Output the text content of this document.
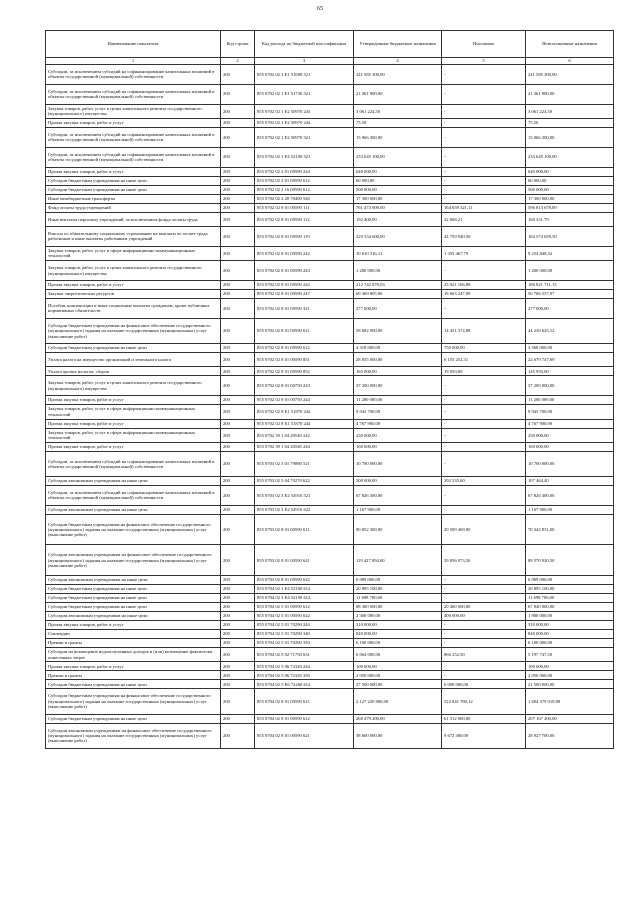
65
Наименование показателя	Код строки	Код расхода по бюджетной классификации	Утвержденные бюджетные назначения	Исполнено	Неисполненные назначения
1	2	3	4	5	6
Субсидии, за исключением субсидий на софинансирование капитальных вложений в объекты государственной (муниципальной) собственности	200	855 0702 02 1 E1 51690 521	241 585 300,00	-	241 585 300,00
Субсидии, за исключением субсидий на софинансирование капитальных вложений в объекты государственной (муниципальной) собственности	200	855 0702 02 1 E1 51730 521	21 361 900,00	-	21 361 900,00
Закупка товаров, работ, услуг в целях капитального ремонта государственного (муниципального) имущества	200	855 0702 02 1 E2 50970 243	3 061 224,50	-	3 061 224,50
Прочая закупка товаров, работ и услуг	200	855 0702 02 1 E2 50970 244	75,50	-	75,50
Субсидии, за исключением субсидий на софинансирование капитальных вложений в объекты государственной (муниципальной) собственности	200	855 0702 02 1 E2 50970 521	15 066 300,00	-	15 066 300,00
Субсидии, за исключением субсидий на софинансирование капитальных вложений в объекты государственной (муниципальной) собственности	200	855 0702 02 1 E4 52100 521	233 645 100,00	-	233 645 100,00
Прочая закупка товаров, работ и услуг	200	855 0702 02 2 01 00590 244	640 000,00	-	640 000,00
Субсидии бюджетным учреждениям на иные цели	200	855 0702 02 2 01 00590 612	60 000,00	-	60 000,00
Субсидии бюджетным учреждениям на иные цели	200	855 0702 02 2 16 00590 612	500 000,00	-	500 000,00
Иные межбюджетные трансферты	200	855 0702 02 2 20 78400 540	17 300 000,00	-	17 300 000,00
Фонд оплаты труда учреждений	200	855 0702 02 8 01 00590 111	761 473 000,00	164 659 321,11	596 813 678,89
Иные выплаты персоналу учреждений, за исключением фонда оплаты труда	200	855 0702 02 8 01 00590 112	192 400,00	32 068,21	160 331,79
Взносы по обязательному социальному страхованию на выплаты по оплате труда работников и иные выплаты работникам учреждений	200	855 0702 02 8 01 00590 119	229 334 600,00	44 759 940,50	184 574 659,50
Закупка товаров, работ, услуг в сфере информационно-коммуникационных технологий	200	855 0702 02 8 01 00590 242	10 610 316,11	1 355 467,79	9 254 848,32
Закупка товаров, работ, услуг в целях капитального ремонта государственного (муниципального) имущества	200	855 0702 02 8 01 00590 243	1 200 000,00	-	1 200 000,00
Прочая закупка товаров, работ и услуг	200	855 0702 02 8 01 00590 244	212 742 878,03	25 921 166,88	186 821 711,15
Закупка энергетических ресурсов	200	855 0702 02 8 01 00590 247	69 369 805,86	18 663 247,89	50 706 557,97
Пособия, компенсации и иные социальные выплаты гражданам, кроме публичных нормативных обязательств	200	855 0702 02 8 01 00590 321	277 000,00	-	277 000,00
Субсидии бюджетным учреждениям на финансовое обеспечение государственного (муниципального) задания на оказание государственных (муниципальных) услуг (выполнение работ)	200	855 0702 02 8 01 00590 611	58 682 000,00	14 451 374,88	44 230 625,12
Субсидии бюджетным учреждениям на иные цели	200	855 0702 02 8 01 00590 612	4 318 000,00	750 000,00	3 568 000,00
Уплата налога на имущество организаций и земельного налога	200	855 0702 02 8 01 00590 851	28 835 000,00	6 155 252,31	22 679 747,69
Уплата прочих налогов, сборов	200	855 0702 02 8 01 00590 852	165 000,00	19 050,00	145 950,00
Закупка товаров, работ, услуг в целях капитального ремонта государственного (муниципального) имущества	200	855 0702 02 8 01 00750 243	37 200 000,00	-	37 200 000,00
Прочая закупка товаров, работ и услуг	200	855 0702 02 8 01 00750 244	11 200 000,00	-	11 200 000,00
Закупка товаров, работ, услуг в сфере информационно-коммуникационных технологий	200	855 0702 02 8 E1 51870 242	9 943 700,00	-	9 943 700,00
Прочая закупка товаров, работ и услуг	200	855 0702 02 8 E1 51870 244	4 767 900,00	-	4 767 900,00
Закупка товаров, работ, услуг в сфере информационно-коммуникационных технологий	200	855 0702 39 1 04 20540 242	230 000,00	-	230 000,00
Прочая закупка товаров, работ и услуг	200	855 0702 39 1 04 20540 244	160 000,00	-	160 000,00
Субсидии, за исключением субсидий на софинансирование капитальных вложений в объекты государственной (муниципальной) собственности	200	855 0703 02 3 01 79080 521	10 700 000,00	-	10 700 000,00
Субсидии автономным учреждениям на иные цели	200	855 0703 02 3 04 70270 622	500 000,00	392 535,60	107 464,40
Субсидии, за исключением субсидий на софинансирование капитальных вложений в объекты государственной (муниципальной) собственности	200	855 0703 02 3 E2 54910 521	67 826 300,00	-	67 826 300,00
Субсидии автономным учреждениям на иные цели	200	855 0703 02 3 E2 54910 622	1 167 900,00	-	1 167 900,00
Субсидии бюджетным учреждениям на финансовое обеспечение государственного (муниципального) задания на оказание государственных (муниципальных) услуг (выполнение работ)	200	855 0703 02 8 01 00590 611	90 852 300,00	20 509 469,00	70 342 831,00
Субсидии автономным учреждениям на финансовое обеспечение государственного (муниципального) задания на оказание государственных (муниципальных) услуг (выполнение работ)	200	855 0703 02 8 01 00590 621	119 427 894,00	29 856 973,50	89 570 920,50
Субсидии автономным учреждениям на иные цели	200	855 0703 02 8 01 00590 622	6 089 006,00	-	6 089 006,00
Субсидии бюджетным учреждениям на иные цели	200	855 0704 02 1 E4 52100 612	20 895 100,00	-	20 895 100,00
Субсидии бюджетным учреждениям на иные цели	200	855 0704 02 3 E4 52190 612	11 698 700,00	-	11 698 700,00
Субсидии бюджетным учреждениям на иные цели	200	855 0704 02 5 01 00590 612	88 300 000,00	20 460 000,00	67 840 000,00
Субсидии автономным учреждениям на иные цели	200	855 0704 02 5 01 00590 622	2 300 000,00	400 000,00	1 900 000,00
Прочая закупка товаров, работ и услуг	200	855 0704 02 5 01 70290 244	310 000,00	-	310 000,00
Стипендии	200	855 0704 02 5 01 70290 340	840 000,00	-	840 000,00
Премии и гранты	200	855 0704 02 5 01 70290 350	6 100 000,00	-	6 100 000,00
Субсидии на возмещение недополученных доходов и (или) возмещение фактически понесенных затрат	200	855 0704 02 5 02 71750 631	6 064 000,00	866 252,50	5 197 747,50
Прочая закупка товаров, работ и услуг	200	855 0704 02 5 06 72320 244	100 000,00	-	100 000,00
Премии и гранты	200	855 0704 02 5 06 72320 350	2 050 000,00	-	2 050 000,00
Субсидии бюджетным учреждениям на иные цели	200	855 0704 02 5 E6 72260 612	27 500 000,00	6 000 000,00	21 500 000,00
Субсидии бюджетным учреждениям на финансовое обеспечение государственного (муниципального) задания на оказание государственных (муниципальных) услуг (выполнение работ)	200	855 0704 02 8 01 00590 611	2 127 220 800,00	522 841 780,12	1 604 379 019,88
Субсидии бюджетным учреждениям на иные цели	200	855 0704 02 8 01 00590 612	268 479 200,00	61 312 000,00	207 167 200,00
Субсидии автономным учреждениям на финансовое обеспечение государственного (муниципального) задания на оказание государственных (муниципальных) услуг (выполнение работ)	200	855 0704 02 8 01 00590 621	38 600 000,00	9 672 300,00	28 927 700,00
